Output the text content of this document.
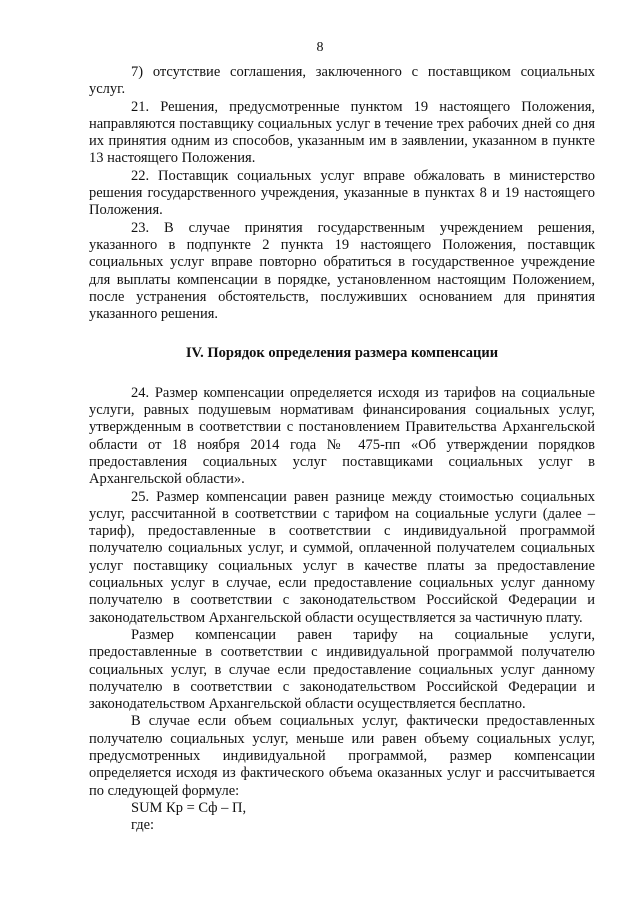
8

7) отсутствие соглашения, заключенного с поставщиком социальных услуг.

21. Решения, предусмотренные пунктом 19 настоящего Положения, направляются поставщику социальных услуг в течение трех рабочих дней со дня их принятия одним из способов, указанным им в заявлении, указанном в пункте 13 настоящего Положения.

22. Поставщик социальных услуг вправе обжаловать в министерство решения государственного учреждения, указанные в пунктах 8 и 19 настоящего Положения.

23. В случае принятия государственным учреждением решения, указанного в подпункте 2 пункта 19 настоящего Положения, поставщик социальных услуг вправе повторно обратиться в государственное учреждение для выплаты компенсации в порядке, установленном настоящим Положением, после устранения обстоятельств, послуживших основанием для принятия указанного решения.

IV. Порядок определения размера компенсации

24. Размер компенсации определяется исходя из тарифов на социальные услуги, равных подушевым нормативам финансирования социальных услуг, утвержденным в соответствии с постановлением Правительства Архангельской области от 18 ноября 2014 года № 475-пп «Об утверждении порядков предоставления социальных услуг поставщиками социальных услуг в Архангельской области».

25. Размер компенсации равен разнице между стоимостью социальных услуг, рассчитанной в соответствии с тарифом на социальные услуги (далее – тариф), предоставленные в соответствии с индивидуальной программой получателю социальных услуг, и суммой, оплаченной получателем социальных услуг поставщику социальных услуг в качестве платы за предоставление социальных услуг в случае, если предоставление социальных услуг данному получателю в соответствии с законодательством Российской Федерации и законодательством Архангельской области осуществляется за частичную плату.

Размер компенсации равен тарифу на социальные услуги, предоставленные в соответствии с индивидуальной программой получателю социальных услуг, в случае если предоставление социальных услуг данному получателю в соответствии с законодательством Российской Федерации и законодательством Архангельской области осуществляется бесплатно.

В случае если объем социальных услуг, фактически предоставленных получателю социальных услуг, меньше или равен объему социальных услуг, предусмотренных индивидуальной программой, размер компенсации определяется исходя из фактического объема оказанных услуг и рассчитывается по следующей формуле:

SUM Кр = Сф – П,

где:
